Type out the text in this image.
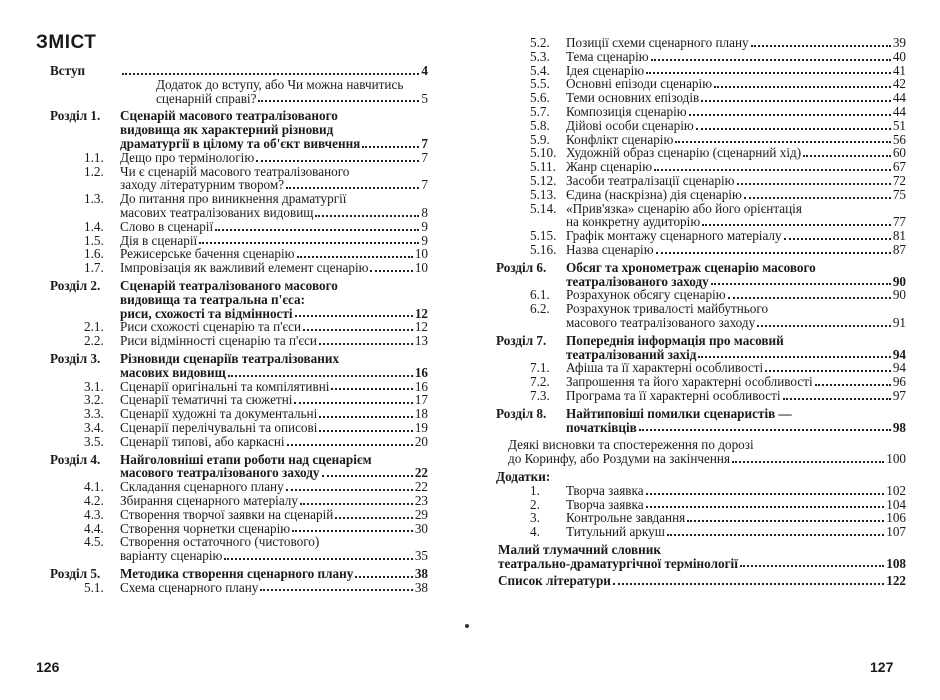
ЗМІСТ
Вступ	4
Додаток до вступу, або Чи можна навчитись
сценарній справі?	5
Розділ 1.	Сценарій масового театралізованого
видовища як характерний різновид
драматургії в цілому та об'єкт вивчення	7
1.1.	Дещо про термінологію	7
1.2.	Чи є сценарій масового театралізованого
заходу літературним твором?	7
1.3.	До питання про виникнення драматургії
масових театралізованих видовищ	8
1.4.	Слово в сценарії	9
1.5.	Дія в сценарії	9
1.6.	Режисерське бачення сценарію	10
1.7.	Імпровізація як важливий елемент сценарію	10
Розділ 2.	Сценарій театралізованого масового
видовища та театральна п'єса:
риси, схожості та відмінності	12
2.1.	Риси схожості сценарію та п'єси	12
2.2.	Риси відмінності сценарію та п'єси	13
Розділ 3.	Різновиди сценаріїв театралізованих
масових видовищ	16
3.1.	Сценарії оригінальні та компілятивні	16
3.2.	Сценарії тематичні та сюжетні	17
3.3.	Сценарії художні та документальні	18
3.4.	Сценарії перелічувальні та описові	19
3.5.	Сценарії типові, або каркасні	20
Розділ 4.	Найголовніші етапи роботи над сценарієм
масового театралізованого заходу	22
4.1.	Складання сценарного плану	22
4.2.	Збирання сценарного матеріалу	23
4.3.	Створення творчої заявки на сценарій	29
4.4.	Створення чорнетки сценарію	30
4.5.	Створення остаточного (чистового)
варіанту сценарію	35
Розділ 5.	Методика створення сценарного плану	38
5.1.	Схема сценарного плану	38
126
5.2.	Позиції схеми сценарного плану	39
5.3.	Тема сценарію	40
5.4.	Ідея сценарію	41
5.5.	Основні епізоди сценарію	42
5.6.	Теми основних епізодів	44
5.7.	Композиція сценарію	44
5.8.	Дійові особи сценарію	51
5.9.	Конфлікт сценарію	56
5.10. Художній образ сценарію (сценарний хід)	60
5.11. Жанр сценарію	67
5.12. Засоби театралізації сценарію	72
5.13. Єдина (наскрізна) дія сценарію	75
5.14. «Прив'язка» сценарію або його орієнтація
на конкретну аудиторію	77
5.15. Графік монтажу сценарного матеріалу	81
5.16. Назва сценарію	87
Розділ 6.	Обсяг та хронометраж сценарію масового
театралізованого заходу	90
6.1.	Розрахунок обсягу сценарію	90
6.2.	Розрахунок тривалості майбутнього
масового театралізованого заходу	91
Розділ 7.	Попереднія інформація про масовий
театралізований захід	94
7.1.	Афіша та її характерні особливості	94
7.2.	Запрошення та його характерні особливості	96
7.3.	Програма та її характерні особливості	97
Розділ 8.	Найтиповіші помилки сценаристів —
початківців	98
Деякі висновки та спостереження по дорозі
до Коринфу, або Роздуми на закінчення	100
Додатки:
1.	Творча заявка	102
2.	Творча заявка	104
3.	Контрольне завдання	106
4.	Титульний аркуш	107
Малий тлумачний словник
театрально-драматургічної термінології	108
Список літератури	122
127
